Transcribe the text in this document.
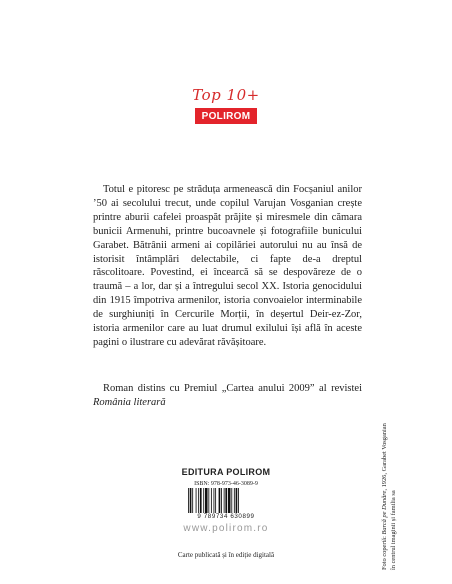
Top 10+
POLIROM

Totul e pitoresc pe străduța armenească din Focșaniul anilor ’50 ai secolului trecut, unde copilul Varujan Vosganian crește printre aburii cafelei proaspăt prăjite și miresmele din cămara bunicii Armenuhi, printre bucoavnele și fotografiile bunicului Garabet. Bătrânii armeni ai copilăriei autorului nu au însă de istorisit întâmplări delectabile, ci fapte de-a dreptul răscolitoare. Povestind, ei încearcă să se despovăreze de o traumă – a lor, dar și a întregului secol XX. Istoria genocidului din 1915 împotriva armenilor, istoria convoaielor interminabile de surghiuniți în Cercurile Morții, în deșertul Deir-ez-Zor, istoria armenilor care au luat drumul exilului își află în aceste pagini o ilustrare cu adevărat răvășitoare.

Roman distins cu Premiul „Cartea anului 2009” al revistei România literară

EDITURA POLIROM
ISBN: 978-973-46-3089-9
9 789734 630899
www.polirom.ro
Carte publicată și în ediție digitală	Foto copertă: Barcă pe Dunăre, 1926, Garabet Vosganian
în centrul imaginii și familia sa
